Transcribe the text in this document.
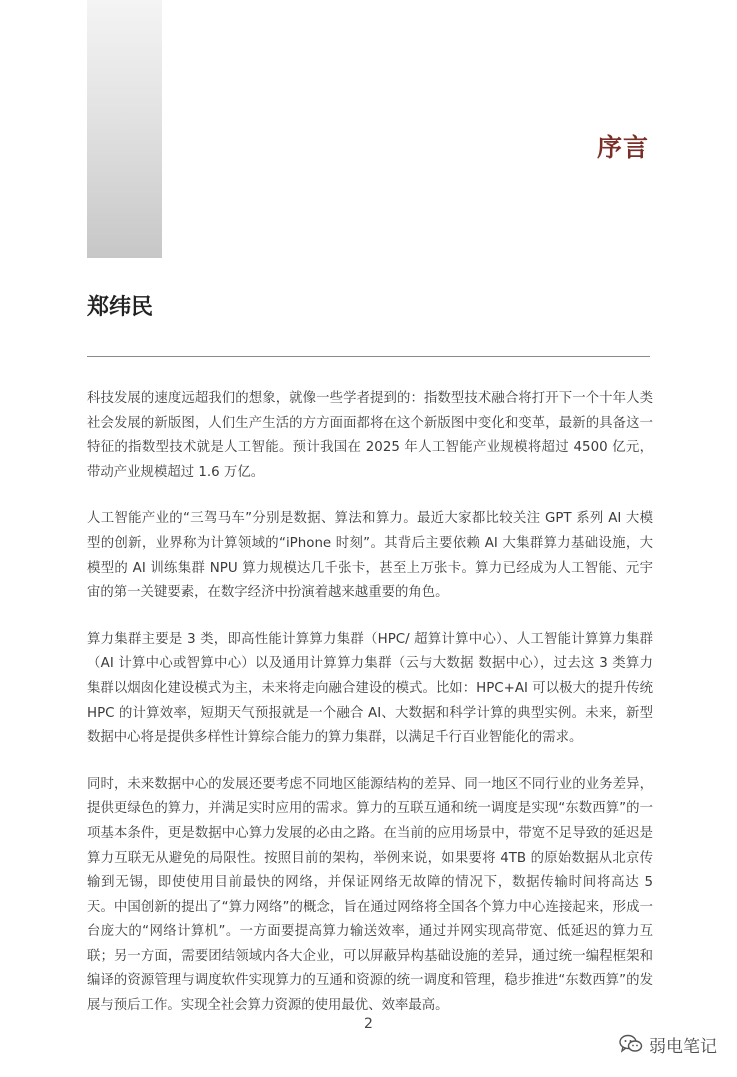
序言
郑纬民

科技发展的速度远超我们的想象，就像一些学者提到的：指数型技术融合将打开下一个十年人类社会发展的新版图，人们生产生活的方方面面都将在这个新版图中变化和变革，最新的具备这一特征的指数型技术就是人工智能。预计我国在 2025 年人工智能产业规模将超过 4500 亿元，带动产业规模超过 1.6 万亿。

人工智能产业的“三驾马车”分别是数据、算法和算力。最近大家都比较关注 GPT 系列 AI 大模型的创新，业界称为计算领域的“iPhone 时刻”。其背后主要依赖 AI 大集群算力基础设施，大模型的 AI 训练集群 NPU 算力规模达几千张卡，甚至上万张卡。算力已经成为人工智能、元宇宙的第一关键要素，在数字经济中扮演着越来越重要的角色。

算力集群主要是 3 类，即高性能计算算力集群（HPC/ 超算计算中心）、人工智能计算算力集群（AI 计算中心或智算中心）以及通用计算算力集群（云与大数据 数据中心），过去这 3 类算力集群以烟囱化建设模式为主，未来将走向融合建设的模式。比如：HPC+AI 可以极大的提升传统 HPC 的计算效率，短期天气预报就是一个融合 AI、大数据和科学计算的典型实例。未来，新型数据中心将是提供多样性计算综合能力的算力集群，以满足千行百业智能化的需求。

同时，未来数据中心的发展还要考虑不同地区能源结构的差异、同一地区不同行业的业务差异，提供更绿色的算力，并满足实时应用的需求。算力的互联互通和统一调度是实现“东数西算”的一项基本条件，更是数据中心算力发展的必由之路。在当前的应用场景中，带宽不足导致的延迟是算力互联无从避免的局限性。按照目前的架构，举例来说，如果要将 4TB 的原始数据从北京传输到无锡，即使使用目前最快的网络，并保证网络无故障的情况下，数据传输时间将高达 5 天。中国创新的提出了“算力网络”的概念，旨在通过网络将全国各个算力中心连接起来，形成一台庞大的“网络计算机”。一方面要提高算力输送效率，通过并网实现高带宽、低延迟的算力互联；另一方面，需要团结领域内各大企业，可以屏蔽异构基础设施的差异，通过统一编程框架和编译的资源管理与调度软件实现算力的互通和资源的统一调度和管理，稳步推进“东数西算”的发展与预后工作。实现全社会算力资源的使用最优、效率最高。

2
弱电笔记
